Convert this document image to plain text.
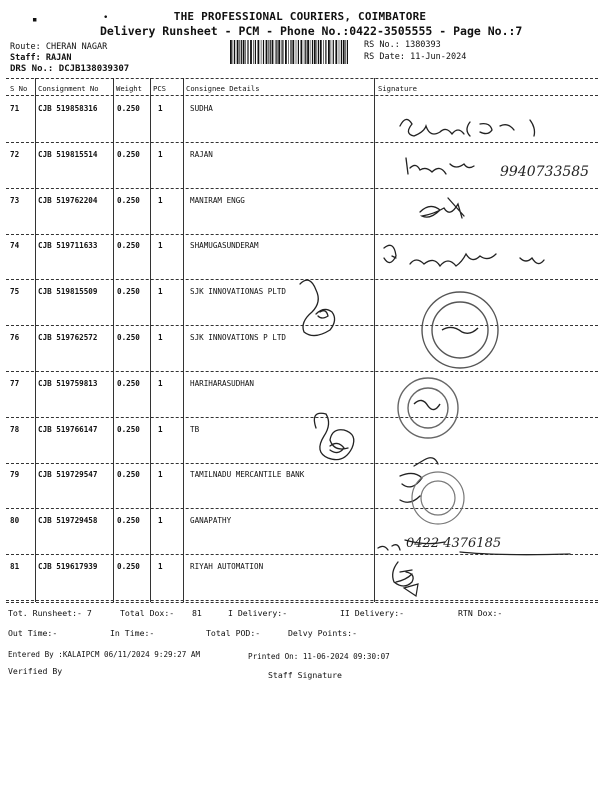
▪	•	THE PROFESSIONAL COURIERS, COIMBATORE
Delivery Runsheet - PCM - Phone No.:0422-3505555 - Page No.:7
Route: CHERAN NAGAR
Staff: RAJAN
DRS No.: DCJB138039307
RS No.: 1380393
RS Date: 11-Jun-2024
S No Consignment No Weight PCS	Consignee Details	Signature
71 CJB 519858316	0.250 1	SUDHA
72 CJB 519815514	0.250 1	RAJAN
73 CJB 519762204	0.250 1	MANIRAM ENGG
74 CJB 519711633	0.250 1	SHAMUGASUNDERAM
75 CJB 519815509	0.250 1	SJK INNOVATIONAS PLTD
76 CJB 519762572	0.250 1	SJK INNOVATIONS P LTD
77 CJB 519759813	0.250 1	HARIHARASUDHAN
78 CJB 519766147	0.250 1	TB
79 CJB 519729547	0.250 1	TAMILNADU MERCANTILE BANK
80 CJB 519729458	0.250 1	GANAPATHY
81 CJB 519617939	0.250 1	RIYAH AUTOMATION
9940733585
0422 4376185
Tot. Runsheet:- 7	Total Dox:- 81	I Delivery:-	II Delivery:-	RTN Dox:-
Out Time:-	In Time:-	Total POD:-	Delvy Points:-
Entered By :KALAIPCM 06/11/2024 9:29:27 AM	Printed On: 11-06-2024 09:30:07
Verified By	Staff Signature
